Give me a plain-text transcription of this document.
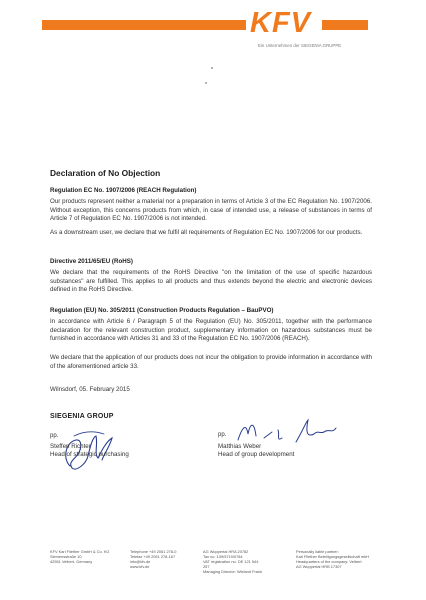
KFV
Ein Unternehmen der SIEGENIA GRUPPE
Declaration of No Objection
Regulation EC No. 1907/2006 (REACH Regulation)
Our products represent neither a material nor a preparation in terms of Article 3 of the EC Regulation No. 1907/2006. Without exception, this concerns products from which, in case of intended use, a release of substances in terms of Article 7 of Regulation EC No. 1907/2006 is not intended.
As a downstream user, we declare that we fulfil all requirements of Regulation EC No. 1907/2006 for our products.
Directive 2011/65/EU (RoHS)
We declare that the requirements of the RoHS Directive "on the limitation of the use of specific hazardous substances" are fulfilled. This applies to all products and thus extends beyond the electric and electronic devices defined in the RoHS Directive.
Regulation (EU) No. 305/2011 (Construction Products Regulation – BauPVO)
In accordance with Article 6 / Paragraph 5 of the Regulation (EU) No. 305/2011, together with the performance declaration for the relevant construction product, supplementary information on hazardous substances must be furnished in accordance with Articles 31 and 33 of the Regulation EC No. 1907/2006 (REACH).
We declare that the application of our products does not incur the obligation to provide information in accordance with of the aforementioned article 33.
Wilnsdorf, 05. February 2015
SIEGENIA GROUP
pp.
Steffen Richter
Head of strategic purchasing
pp.
Matthias Weber
Head of group development
KFV Karl Fliether GmbH & Co. KG
Siemensstraße 10
42551 Velbert, Germany
Telephone +49 2051 278-0
Telefax +49 2051 278-167
info@kfv.de
www.kfv.de
AG Wuppertal HRA 20782
Tax no. 139/5719/0784
VAT registration no. DE 121 544
257
Managing Director: Wieland Frank
Personally liable partner:
Karl Fliether Beteiligungsgesellschaft mbH
Headquarters of the company: Velbert
AG Wuppertal HRB 17307
